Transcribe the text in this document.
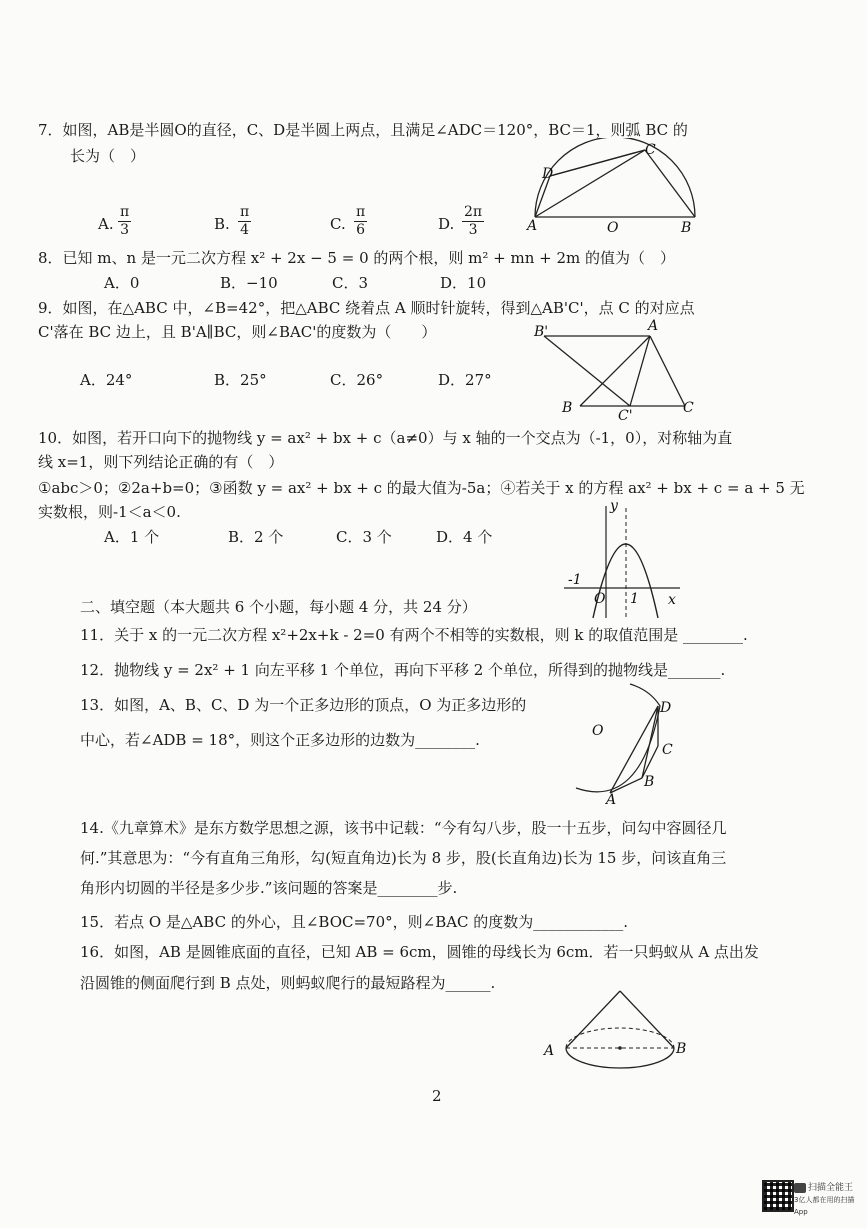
7．如图，AB是半圆O的直径，C、D是半圆上两点，且满足∠ADC＝120°，BC＝1，则弧 BC 的
长为（　）
A. $\frac{\pi}{3}$	B. $\frac{\pi}{4}$	C. $\frac{\pi}{6}$	D. $\frac{2\pi}{3}$	A	B
C
D
O
8．已知 m、n 是一元二次方程 x² + 2x − 5 = 0 的两个根，则 m² + mn + 2m 的值为（　）
A．0	B．−10	C．3	D．10
9．如图，在△ABC 中，∠B=42°，把△ABC 绕着点 A 顺时针旋转，得到△AB'C'，点 C 的对应点
C'落在 BC 边上，且 B'A∥BC，则∠BAC'的度数为（　　）
A．24°	B．25°	C．26°	D．27°
B'	A
B	C'	C
10．如图，若开口向下的抛物线 y = ax² + bx + c（a≠0）与 x 轴的一个交点为（-1，0），对称轴为直
线 x=1，则下列结论正确的有（　）
①abc＞0；②2a+b=0；③函数 y = ax² + bx + c 的最大值为-5a；④若关于 x 的方程 ax² + bx + c = a + 5 无
实数根，则-1＜a＜0.
A．1 个	B．2 个	C．3 个	D．4 个
y
x
O
-1
1
二、填空题（本大题共 6 个小题，每小题 4 分，共 24 分）
11．关于 x 的一元二次方程 x²+2x+k - 2=0 有两个不相等的实数根，则 k 的取值范围是 ________.
12．抛物线 y = 2x² + 1 向左平移 1 个单位，再向下平移 2 个单位，所得到的抛物线是_______.
13．如图，A、B、C、D 为一个正多边形的顶点，O 为正多边形的
中心，若∠ADB = 18°，则这个正多边形的边数为________.	O
D
C
B
A
14.《九章算术》是东方数学思想之源，该书中记载：“今有勾八步，股一十五步，问勾中容圆径几
何.”其意思为：“今有直角三角形，勾(短直角边)长为 8 步，股(长直角边)长为 15 步，问该直角三
角形内切圆的半径是多少步.”该问题的答案是________步.
15．若点 O 是△ABC 的外心，且∠BOC=70°，则∠BAC 的度数为____________.
16．如图，AB 是圆锥底面的直径，已知 AB = 6cm，圆锥的母线长为 6cm．若一只蚂蚁从 A 点出发
沿圆锥的侧面爬行到 B 点处，则蚂蚁爬行的最短路程为______.
A	B
2
扫描全能王
3亿人都在用的扫描App
